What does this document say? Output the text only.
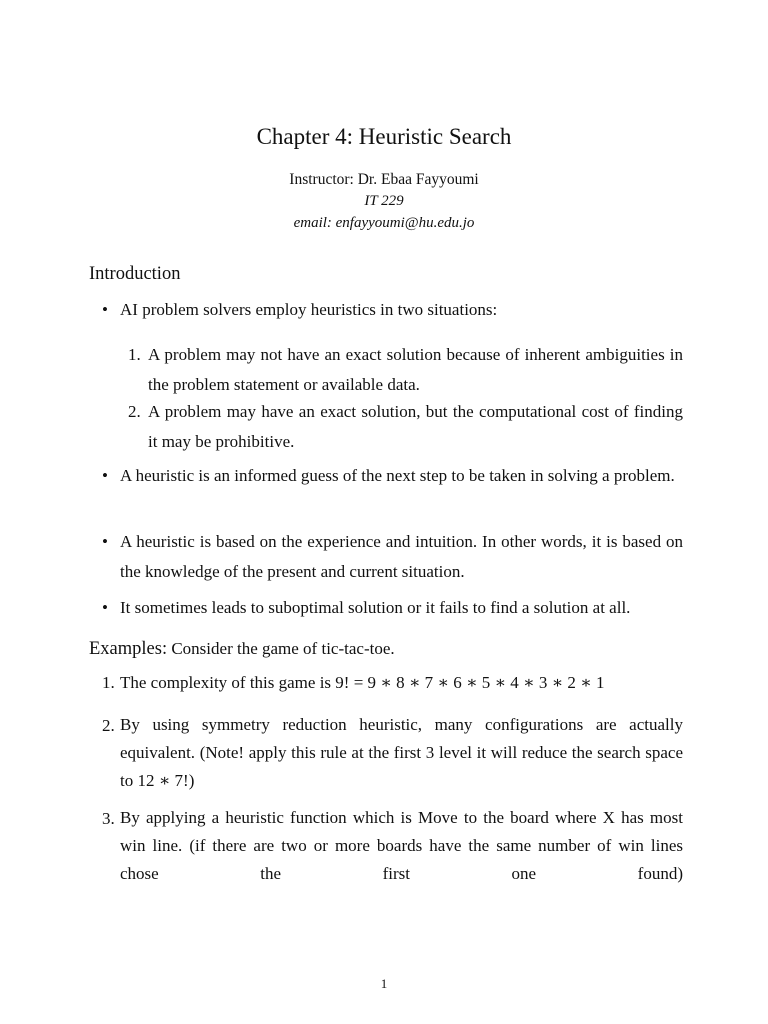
Chapter 4: Heuristic Search
Instructor: Dr. Ebaa Fayyoumi
IT 229
email: enfayyoumi@hu.edu.jo
Introduction
• AI problem solvers employ heuristics in two situations:
1. A problem may not have an exact solution because of inherent ambiguities in the problem statement or available data.
2. A problem may have an exact solution, but the computational cost of finding it may be prohibitive.
• A heuristic is an informed guess of the next step to be taken in solving a problem.
• A heuristic is based on the experience and intuition. In other words, it is based on the knowledge of the present and current situation.
• It sometimes leads to suboptimal solution or it fails to find a solution at all.
Examples: Consider the game of tic-tac-toe.
1. The complexity of this game is 9! = 9 ∗ 8 ∗ 7 ∗ 6 ∗ 5 ∗ 4 ∗ 3 ∗ 2 ∗ 1
2. By using symmetry reduction heuristic, many configurations are actually equivalent. (Note! apply this rule at the first 3 level it will reduce the search space to 12 ∗ 7!)
3. By applying a heuristic function which is Move to the board where X has most win line. (if there are two or more boards have the same number of win lines chose the first one found)
1
